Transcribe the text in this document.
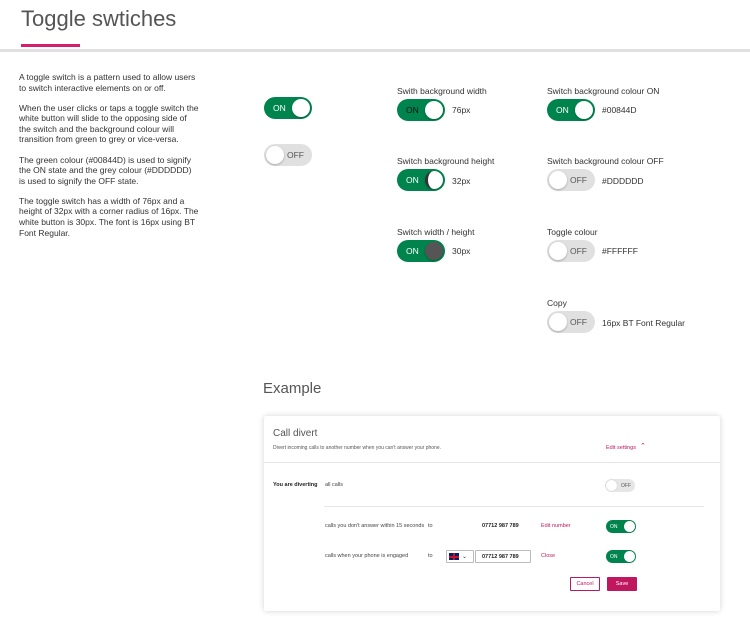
Toggle swtiches

A toggle switch is a pattern used to allow users to switch interactive elements on or off.

When the user clicks or taps a toggle switch the white button will slide to the opposing side of the switch and the background colour will transition from green to grey or vice-versa.

The green colour (#00844D) is used to signify the ON state and the grey colour (#DDDDDD) is used to signify the OFF state.

The toggle switch has a width of 76px and a height of 32px with a corner radius of 16px. The white button is 30px. The font is 16px using BT Font Regular.

ON
OFF
Swith background width
ON	76px
Switch background height
ON	32px
Switch width / height
ON	30px
Switch background colour ON
ON	#00844D
Switch background colour OFF
OFF #DDDDDD
Toggle colour
OFF #FFFFFF
Copy
OFF 16px BT Font Regular
Example
Call divert
Divert incoming calls to another number when you can't answer your phone.	Edit settings ⌃
You are diverting all calls	OFF
calls you don't answer within 15 seconds to	07712 987 789	Edit number	ON
calls when your phone is engaged	to	⌄	07712 987 789	Close	ON
Cancel	Save
